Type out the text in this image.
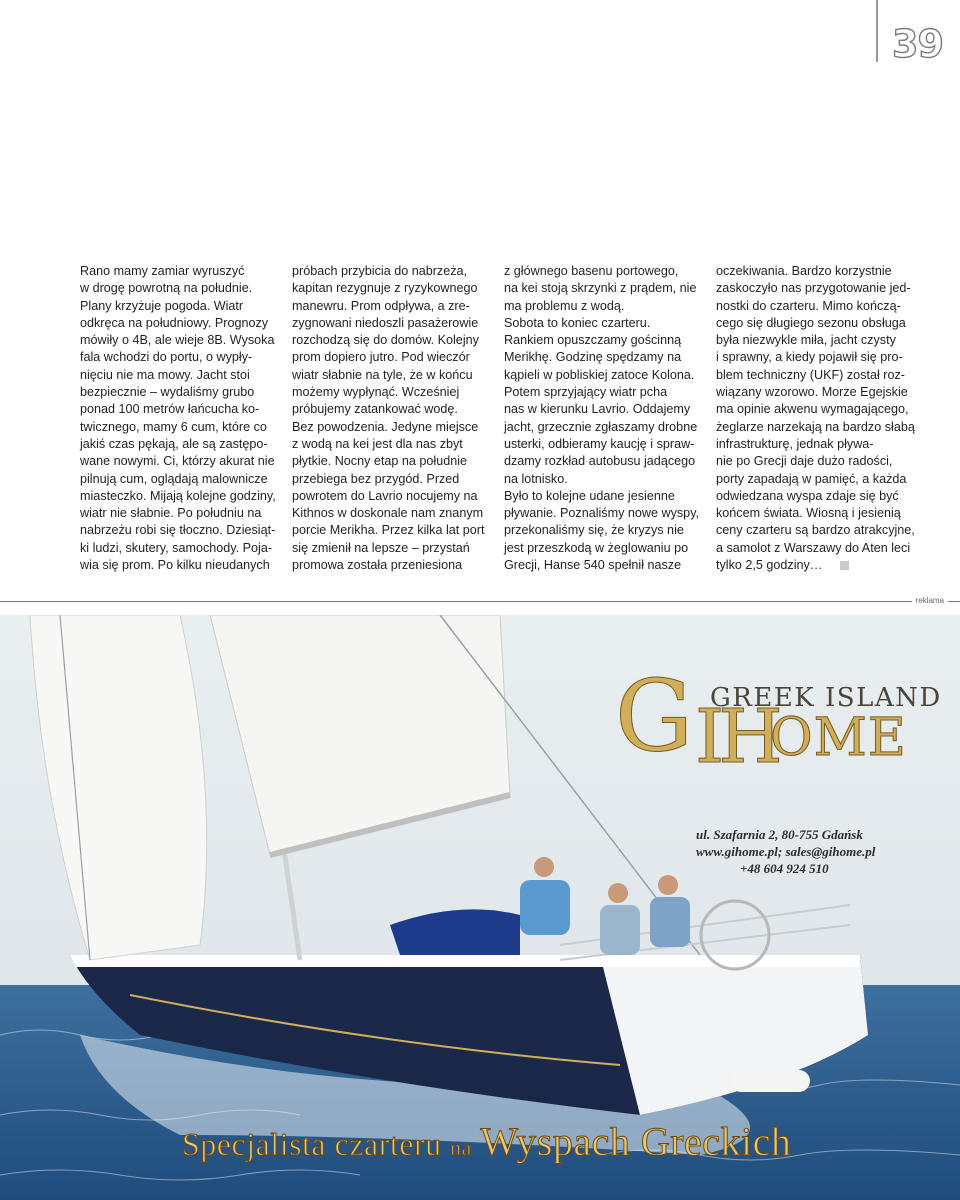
39

Rano mamy zamiar wyruszyć

w drogę powrotną na południe.

Plany krzyżuje pogoda. Wiatr

odkręca na południowy. Prognozy

mówiły o 4B, ale wieje 8B. Wysoka

fala wchodzi do portu, o wypły-

nięciu nie ma mowy. Jacht stoi

bezpiecznie – wydaliśmy grubo

ponad 100 metrów łańcucha ko-

twicznego, mamy 6 cum, które co

jakiś czas pękają, ale są zastępo-

wane nowymi. Ci, którzy akurat nie

pilnują cum, oglądają malownicze

miasteczko. Mijają kolejne godziny,

wiatr nie słabnie. Po południu na

nabrzeżu robi się tłoczno. Dziesiąt-

ki ludzi, skutery, samochody. Poja-

wia się prom. Po kilku nieudanych

próbach przybicia do nabrzeża,

kapitan rezygnuje z ryzykownego

manewru. Prom odpływa, a zre-

zygnowani niedoszli pasażerowie

rozchodzą się do domów. Kolejny

prom dopiero jutro. Pod wieczór

wiatr słabnie na tyle, że w końcu

możemy wypłynąć. Wcześniej

próbujemy zatankować wodę.

Bez powodzenia. Jedyne miejsce

z wodą na kei jest dla nas zbyt

płytkie. Nocny etap na południe

przebiega bez przygód. Przed

powrotem do Lavrio nocujemy na

Kithnos w doskonale nam znanym

porcie Merikha. Przez kilka lat port

się zmienił na lepsze – przystań

promowa została przeniesiona

z głównego basenu portowego,

na kei stoją skrzynki z prądem, nie

ma problemu z wodą.

Sobota to koniec czarteru.

Rankiem opuszczamy gościnną

Merikhę. Godzinę spędzamy na

kąpieli w pobliskiej zatoce Kolona.

Potem sprzyjający wiatr pcha

nas w kierunku Lavrio. Oddajemy

jacht, grzecznie zgłaszamy drobne

usterki, odbieramy kaucję i spraw-

dzamy rozkład autobusu jadącego

na lotnisko.

Było to kolejne udane jesienne

pływanie. Poznaliśmy nowe wyspy,

przekonaliśmy się, że kryzys nie

jest przeszkodą w żeglowaniu po

Grecji, Hanse 540 spełnił nasze

oczekiwania. Bardzo korzystnie

zaskoczyło nas przygotowanie jed-

nostki do czarteru. Mimo kończą-

cego się długiego sezonu obsługa

była niezwykle miła, jacht czysty

i sprawny, a kiedy pojawił się pro-

blem techniczny (UKF) został roz-

wiązany wzorowo. Morze Egejskie

ma opinie akwenu wymagającego,

żeglarze narzekają na bardzo słabą

infrastrukturę, jednak pływa-

nie po Grecji daje dużo radości,

porty zapadają w pamięć, a każda

odwiedzana wyspa zdaje się być

końcem świata. Wiosną i jesienią

ceny czarteru są bardzo atrakcyjne,

a samolot z Warszawy do Aten leci

tylko 2,5 godziny…

reklama
GREEK ISLAND
G IH
OME
ul. Szafarnia 2, 80-755 Gdańsk
www.gihome.pl; sales@gihome.pl
+48 604 924 510
Specjalista czarteru na Wyspach Greckich
